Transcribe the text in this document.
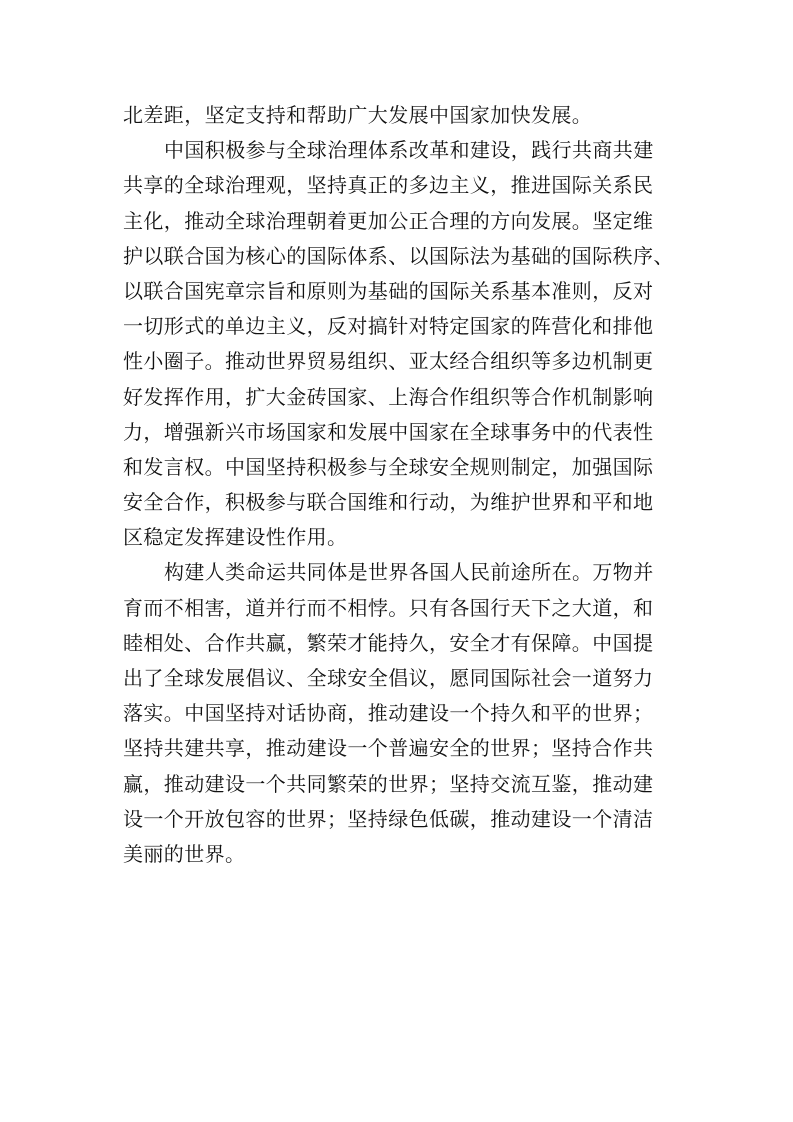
北差距，坚定支持和帮助广大发展中国家加快发展。
中国积极参与全球治理体系改革和建设，践行共商共建
共享的全球治理观，坚持真正的多边主义，推进国际关系民
主化，推动全球治理朝着更加公正合理的方向发展。坚定维
护以联合国为核心的国际体系、以国际法为基础的国际秩序、
以联合国宪章宗旨和原则为基础的国际关系基本准则，反对
一切形式的单边主义，反对搞针对特定国家的阵营化和排他
性小圈子。推动世界贸易组织、亚太经合组织等多边机制更
好发挥作用，扩大金砖国家、上海合作组织等合作机制影响
力，增强新兴市场国家和发展中国家在全球事务中的代表性
和发言权。中国坚持积极参与全球安全规则制定，加强国际
安全合作，积极参与联合国维和行动，为维护世界和平和地
区稳定发挥建设性作用。
构建人类命运共同体是世界各国人民前途所在。万物并
育而不相害，道并行而不相悖。只有各国行天下之大道，和
睦相处、合作共赢，繁荣才能持久，安全才有保障。中国提
出了全球发展倡议、全球安全倡议，愿同国际社会一道努力
落实。中国坚持对话协商，推动建设一个持久和平的世界；
坚持共建共享，推动建设一个普遍安全的世界；坚持合作共
赢，推动建设一个共同繁荣的世界；坚持交流互鉴，推动建
设一个开放包容的世界；坚持绿色低碳，推动建设一个清洁
美丽的世界。
